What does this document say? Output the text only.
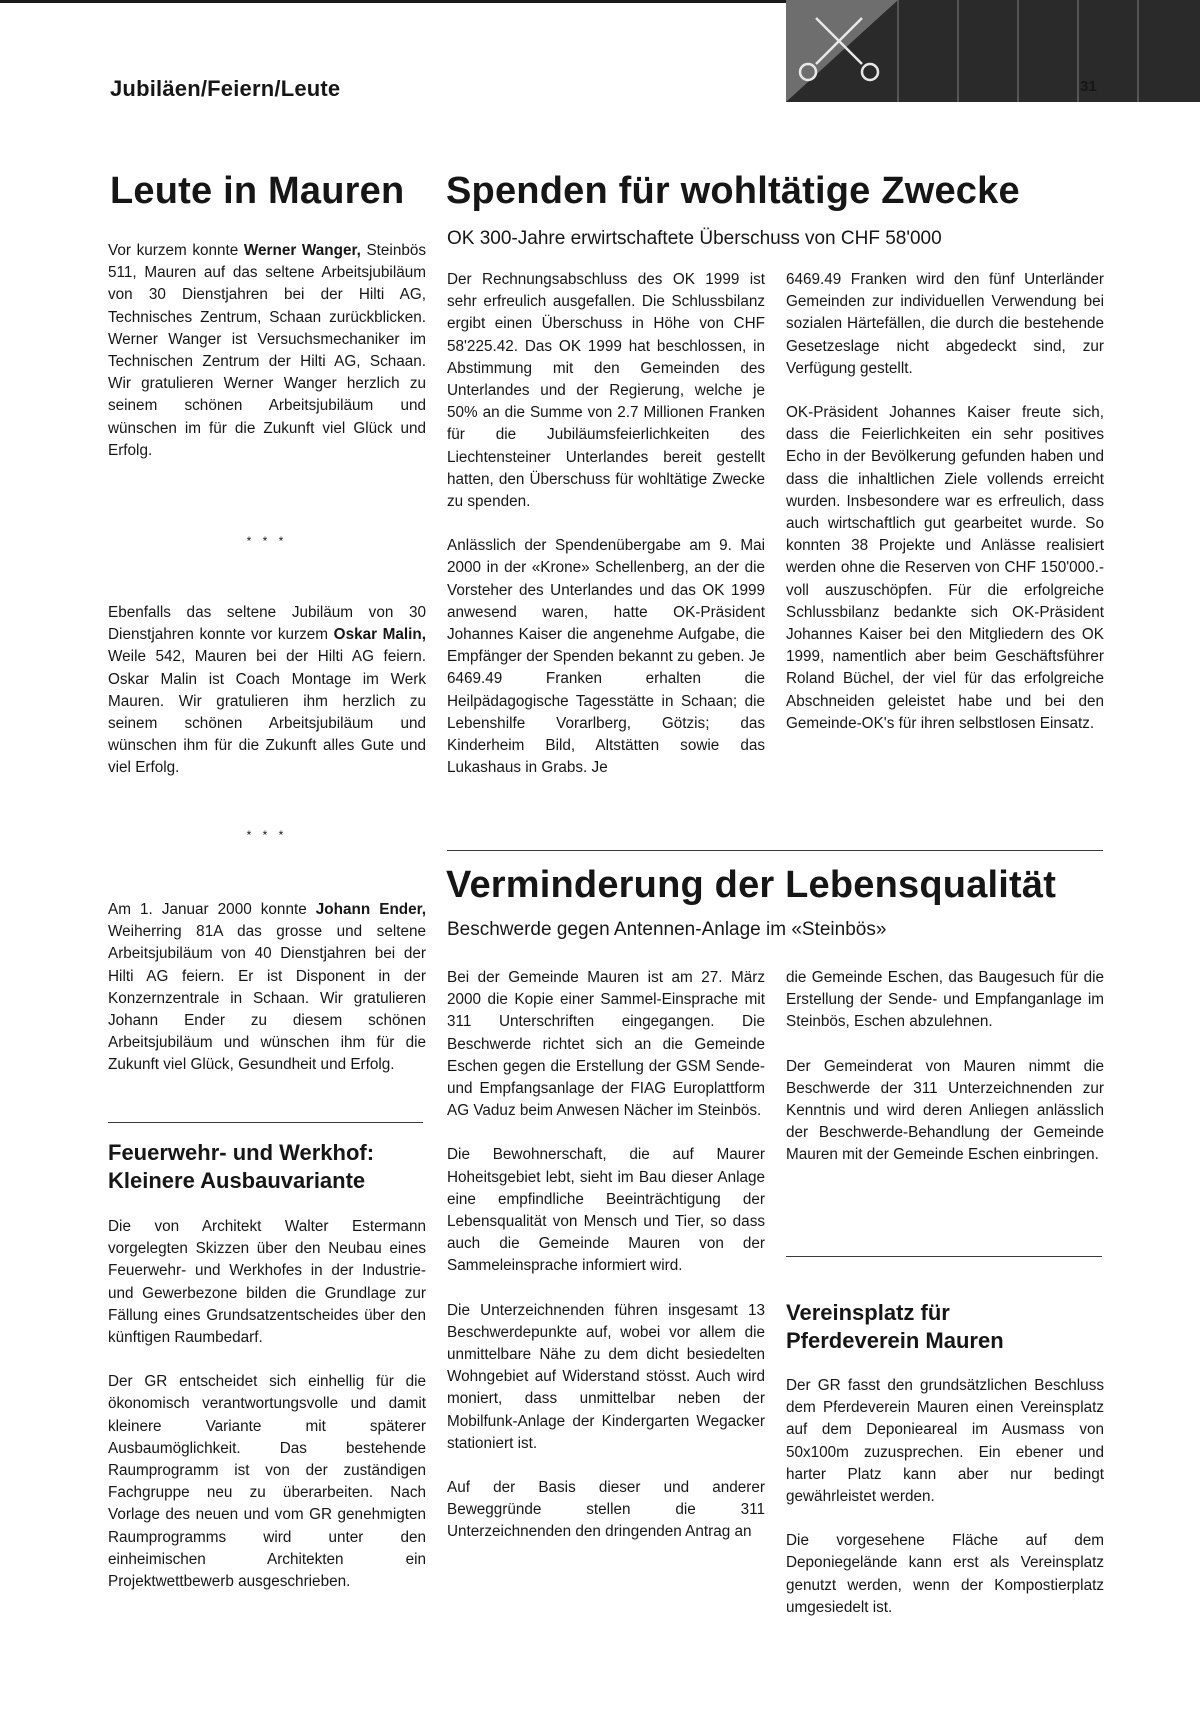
Jubiläen/Feiern/Leute	31
Leute in Mauren

Vor kurzem konnte Werner Wanger, Steinbös 511, Mauren auf das seltene Arbeitsjubiläum von 30 Dienstjahren bei der Hilti AG, Technisches Zentrum, Schaan zurückblicken. Werner Wanger ist Versuchsmechaniker im Technischen Zentrum der Hilti AG, Schaan. Wir gratulieren Werner Wanger herzlich zu seinem schönen Arbeitsjubiläum und wünschen im für die Zukunft viel Glück und Erfolg.

* * *

Ebenfalls das seltene Jubiläum von 30 Dienstjahren konnte vor kurzem Oskar Malin, Weile 542, Mauren bei der Hilti AG feiern. Oskar Malin ist Coach Montage im Werk Mauren. Wir gratulieren ihm herzlich zu seinem schönen Arbeitsjubiläum und wünschen ihm für die Zukunft alles Gute und viel Erfolg.

* * *

Am 1. Januar 2000 konnte Johann Ender, Weiherring 81A das grosse und seltene Arbeitsjubiläum von 40 Dienstjahren bei der Hilti AG feiern. Er ist Disponent in der Konzernzentrale in Schaan. Wir gratulieren Johann Ender zu diesem schönen Arbeitsjubiläum und wünschen ihm für die Zukunft viel Glück, Gesundheit und Erfolg.

Feuerwehr- und Werkhof:
Kleinere Ausbauvariante

Die von Architekt Walter Estermann vorgelegten Skizzen über den Neubau eines Feuerwehr- und Werkhofes in der Industrie- und Gewerbezone bilden die Grundlage zur Fällung eines Grundsatzentscheides über den künftigen Raumbedarf.

Der GR entscheidet sich einhellig für die ökonomisch verantwortungsvolle und damit kleinere Variante mit späterer Ausbaumöglichkeit. Das bestehende Raumprogramm ist von der zuständigen Fachgruppe neu zu überarbeiten. Nach Vorlage des neuen und vom GR genehmigten Raumprogramms wird unter den einheimischen Architekten ein Projektwettbewerb ausgeschrieben.

Spenden für wohltätige Zwecke
OK 300-Jahre erwirtschaftete Überschuss von CHF 58'000

Der Rechnungsabschluss des OK 1999 ist sehr erfreulich ausgefallen. Die Schlussbilanz ergibt einen Überschuss in Höhe von CHF 58'225.42. Das OK 1999 hat beschlossen, in Abstimmung mit den Gemeinden des Unterlandes und der Regierung, welche je 50% an die Summe von 2.7 Millionen Franken für die Jubiläumsfeierlichkeiten des Liechtensteiner Unterlandes bereit gestellt hatten, den Überschuss für wohltätige Zwecke zu spenden.

Anlässlich der Spendenübergabe am 9. Mai 2000 in der «Krone» Schellenberg, an der die Vorsteher des Unterlandes und das OK 1999 anwesend waren, hatte OK-Präsident Johannes Kaiser die angenehme Aufgabe, die Empfänger der Spenden bekannt zu geben. Je 6469.49 Franken erhalten die Heilpädagogische Tagesstätte in Schaan; die Lebenshilfe Vorarlberg, Götzis; das Kinderheim Bild, Altstätten sowie das Lukashaus in Grabs. Je

6469.49 Franken wird den fünf Unterländer Gemeinden zur individuellen Verwendung bei sozialen Härtefällen, die durch die bestehende Gesetzeslage nicht abgedeckt sind, zur Verfügung gestellt.

OK-Präsident Johannes Kaiser freute sich, dass die Feierlichkeiten ein sehr positives Echo in der Bevölkerung gefunden haben und dass die inhaltlichen Ziele vollends erreicht wurden. Insbesondere war es erfreulich, dass auch wirtschaftlich gut gearbeitet wurde. So konnten 38 Projekte und Anlässe realisiert werden ohne die Reserven von CHF 150'000.- voll auszuschöpfen. Für die erfolgreiche Schlussbilanz bedankte sich OK-Präsident Johannes Kaiser bei den Mitgliedern des OK 1999, namentlich aber beim Geschäftsführer Roland Büchel, der viel für das erfolgreiche Abschneiden geleistet habe und bei den Gemeinde-OK's für ihren selbstlosen Einsatz.

Verminderung der Lebensqualität
Beschwerde gegen Antennen-Anlage im «Steinbös»

Bei der Gemeinde Mauren ist am 27. März 2000 die Kopie einer Sammel-Einsprache mit 311 Unterschriften eingegangen. Die Beschwerde richtet sich an die Gemeinde Eschen gegen die Erstellung der GSM Sende- und Empfangsanlage der FIAG Europlattform AG Vaduz beim Anwesen Nächer im Steinbös.

Die Bewohnerschaft, die auf Maurer Hoheitsgebiet lebt, sieht im Bau dieser Anlage eine empfindliche Beeinträchtigung der Lebensqualität von Mensch und Tier, so dass auch die Gemeinde Mauren von der Sammeleinsprache informiert wird.

Die Unterzeichnenden führen insgesamt 13 Beschwerdepunkte auf, wobei vor allem die unmittelbare Nähe zu dem dicht besiedelten Wohngebiet auf Widerstand stösst. Auch wird moniert, dass unmittelbar neben der Mobilfunk-Anlage der Kindergarten Wegacker stationiert ist.

Auf der Basis dieser und anderer Beweggründe stellen die 311 Unterzeichnenden den dringenden Antrag an

die Gemeinde Eschen, das Baugesuch für die Erstellung der Sende- und Empfanganlage im Steinbös, Eschen abzulehnen.

Der Gemeinderat von Mauren nimmt die Beschwerde der 311 Unterzeichnenden zur Kenntnis und wird deren Anliegen anlässlich der Beschwerde-Behandlung der Gemeinde Mauren mit der Gemeinde Eschen einbringen.

Vereinsplatz für
Pferdeverein Mauren

Der GR fasst den grundsätzlichen Beschluss dem Pferdeverein Mauren einen Vereinsplatz auf dem Deponieareal im Ausmass von 50x100m zuzusprechen. Ein ebener und harter Platz kann aber nur bedingt gewährleistet werden.

Die vorgesehene Fläche auf dem Deponiegelände kann erst als Vereinsplatz genutzt werden, wenn der Kompostierplatz umgesiedelt ist.
